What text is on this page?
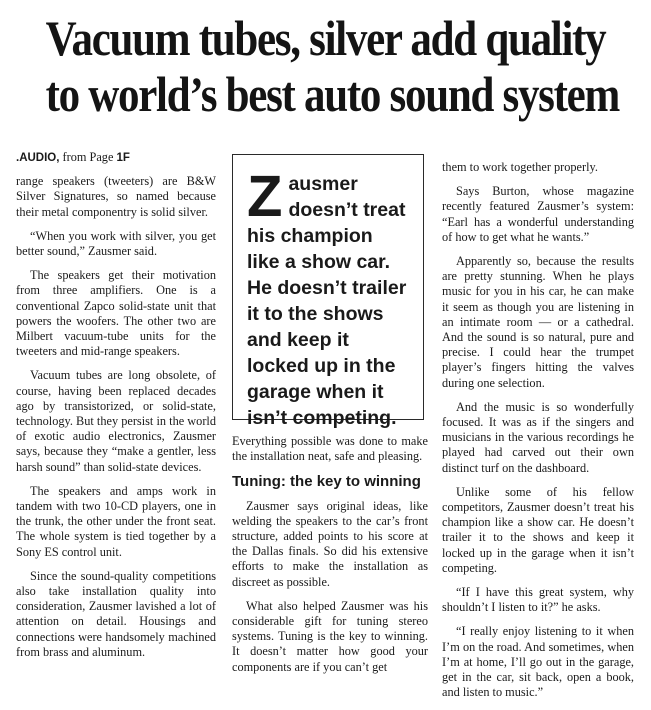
Vacuum tubes, silver add quality
to world’s best auto sound system
.AUDIO, from Page 1F

range speakers (tweeters) are B&W Silver Signatures, so named because their metal componentry is solid silver.

“When you work with silver, you get better sound,” Zausmer said.

The speakers get their motivation from three amplifiers. One is a conventional Zapco solid-state unit that powers the woofers. The other two are Milbert vacuum-tube units for the tweeters and mid-range speakers.

Vacuum tubes are long obsolete, of course, having been replaced decades ago by transistorized, or solid-state, technology. But they persist in the world of exotic audio electronics, Zausmer says, because they “make a gentler, less harsh sound” than solid-state devices.

The speakers and amps work in tandem with two 10-CD players, one in the trunk, the other under the front seat. The whole system is tied together by a Sony ES control unit.

Since the sound-quality competitions also take installation quality into consideration, Zausmer lavished a lot of attention on detail. Housings and connections were handsomely machined from brass and aluminum.

Z ausmer doesn’t treat his champion like a show car. He doesn’t trailer it to the shows and keep it locked up in the garage when it isn’t competing.

Everything possible was done to make the installation neat, safe and pleasing.

Tuning: the key to winning

Zausmer says original ideas, like welding the speakers to the car’s front structure, added points to his score at the Dallas finals. So did his extensive efforts to make the installation as discreet as possible.

What also helped Zausmer was his considerable gift for tuning stereo systems. Tuning is the key to winning. It doesn’t matter how good your components are if you can’t get

them to work together properly.

Says Burton, whose magazine recently featured Zausmer’s system: “Earl has a wonderful understanding of how to get what he wants.”

Apparently so, because the results are pretty stunning. When he plays music for you in his car, he can make it seem as though you are listening in an intimate room — or a cathedral. And the sound is so natural, pure and precise. I could hear the trumpet player’s fingers hitting the valves during one selection.

And the music is so wonderfully focused. It was as if the singers and musicians in the various recordings he played had carved out their own distinct turf on the dashboard.

Unlike some of his fellow competitors, Zausmer doesn’t treat his champion like a show car. He doesn’t trailer it to the shows and keep it locked up in the garage when it isn’t competing.

“If I have this great system, why shouldn’t I listen to it?” he asks.

“I really enjoy listening to it when I’m on the road. And sometimes, when I’m at home, I’ll go out in the garage, get in the car, sit back, open a book, and listen to music.”
